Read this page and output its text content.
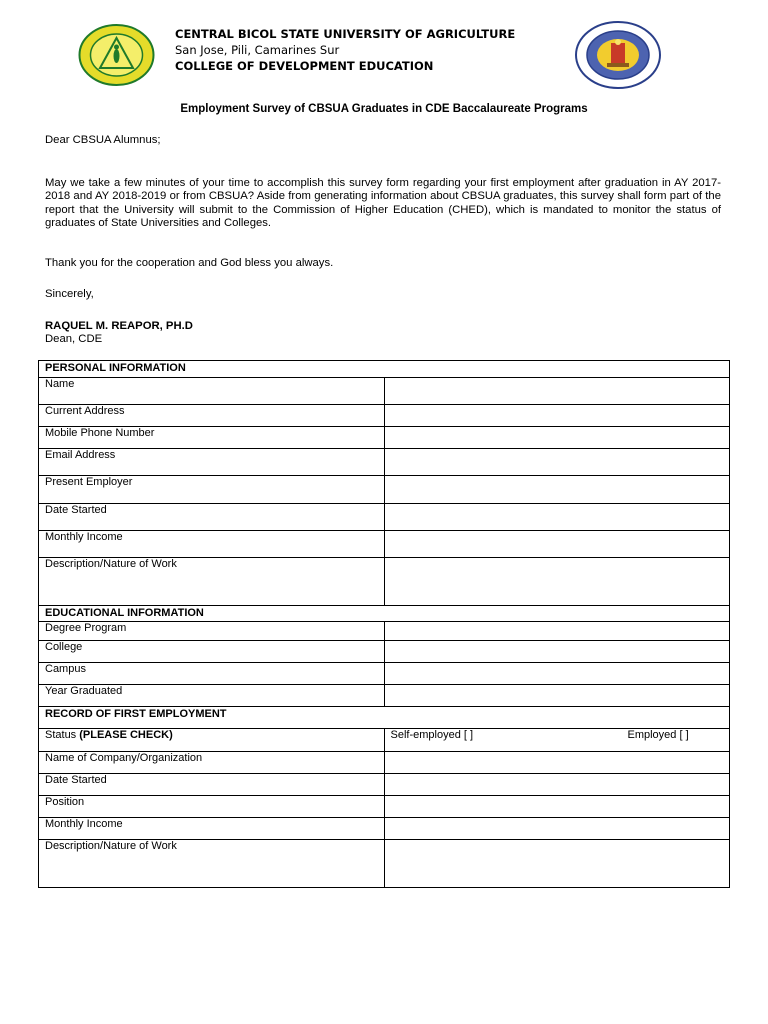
CENTRAL BICOL STATE UNIVERSITY OF AGRICULTURE
San Jose, Pili, Camarines Sur
COLLEGE OF DEVELOPMENT EDUCATION
Employment Survey of CBSUA Graduates in CDE Baccalaureate Programs
Dear CBSUA Alumnus;
May we take a few minutes of your time to accomplish this survey form regarding your first employment after graduation in AY 2017-2018 and AY 2018-2019 or from CBSUA? Aside from generating information about CBSUA graduates, this survey shall form part of the report that the University will submit to the Commission of Higher Education (CHED), which is mandated to monitor the status of graduates of State Universities and Colleges.
Thank you for the cooperation and God bless you always.
Sincerely,
RAQUEL M. REAPOR, PH.D
Dean, CDE
PERSONAL INFORMATION	
Name	
Current Address	
Mobile Phone Number	
Email Address	
Present Employer	
Date Started	
Monthly Income	
Description/Nature of Work	
EDUCATIONAL INFORMATION	
Degree Program	
College	
Campus	
Year Graduated	
RECORD OF FIRST EMPLOYMENT	
Status (PLEASE CHECK)	Self-employed [ ] Employed [ ]

Name of Company/Organization	
Date Started	
Position	
Monthly Income	
Description/Nature of Work	
